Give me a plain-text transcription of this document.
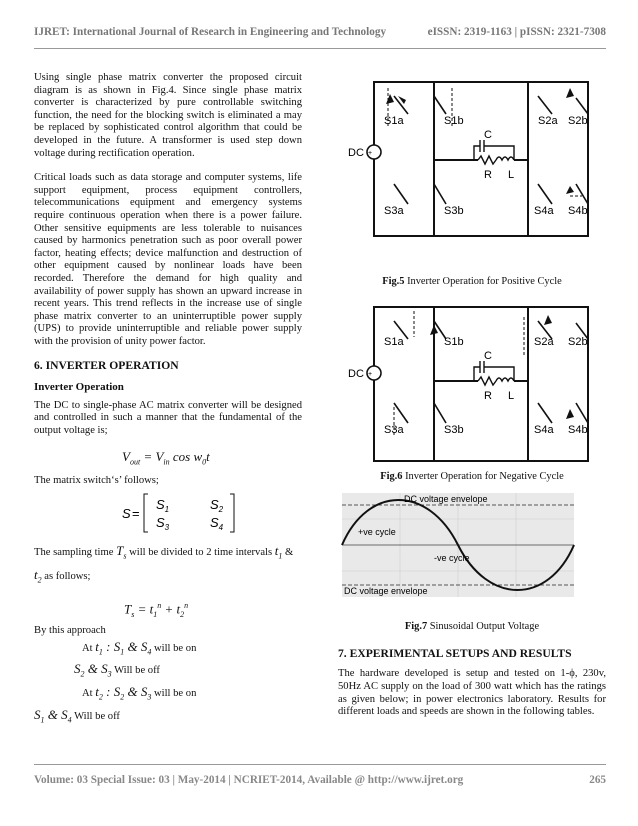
IJRET: International Journal of Research in Engineering and Technology	eISSN: 2319-1163 | pISSN: 2321-7308

Using single phase matrix converter the proposed circuit diagram is as shown in Fig.4. Since single phase matrix converter is characterized by pure controllable switching function, the need for the blocking switch is eliminated a may be replaced by sophisticated control algorithm that could be developed in the future. A transformer is used step down voltage during rectification operation.

Critical loads such as data storage and computer systems, life support equipment, process equipment controllers, telecommunications equipment and emergency systems require continuous operation when there is a power failure. Other sensitive equipments are less tolerable to nuisances caused by harmonics penetration such as poor overall power factor, heating effects; device malfunction and destruction of other equipment caused by nonlinear loads have been recorded. Therefore the demand for high quality and availability of power supply has shown an upward increase in recent years. This trend reflects in the increase use of single phase matrix converter to an uninterruptible power supply (UPS) to provide uninterruptible and reliable power supply with the provision of unity power factor.

6. INVERTER OPERATION
Inverter Operation

The DC to single-phase AC matrix converter will be designed and controlled in such a manner that the fundamental of the output voltage is;

$V_{out} = V_{in}$ $\cos w_0t$

The matrix switch‘s’ follows;

S =
$S_1$	$S_2$
$S_3$	$S_4$

The sampling time $T_s$ will be divided to 2 time intervals $t_1$ &
$t_2$ as follows;

$T_s = t_1^n + t_2^n$

By this approach

At $t_1$ : $S_1$ & $S_4$ will be on
$S_2$ & $S_3$ Will be off
At $t_2$ : $S_2$ & $S_3$ will be on
$S_1$ & $S_4$ Will be off
+
DC
S1a	S1b	S2a S2b
S3a	S3b	S4a S4b
C
R L
Fig.5 Inverter Operation for Positive Cycle
+
DC
S1a	S1b	S2a S2b
S3a	S3b	S4a S4b
C
R L
Fig.6 Inverter Operation for Negative Cycle
DC voltage envelope
DC voltage envelope
+ve cycle
-ve cycle
Fig.7 Sinusoidal Output Voltage
7. EXPERIMENTAL SETUPS AND RESULTS

The hardware developed is setup and tested on 1-ϕ, 230v, 50Hz AC supply on the load of 300 watt which has the ratings as given below; in power electronics laboratory. Results for different loads and speeds are shown in the following tables.

Volume: 03 Special Issue: 03 | May-2014 | NCRIET-2014, Available @ http://www.ijret.org	265
